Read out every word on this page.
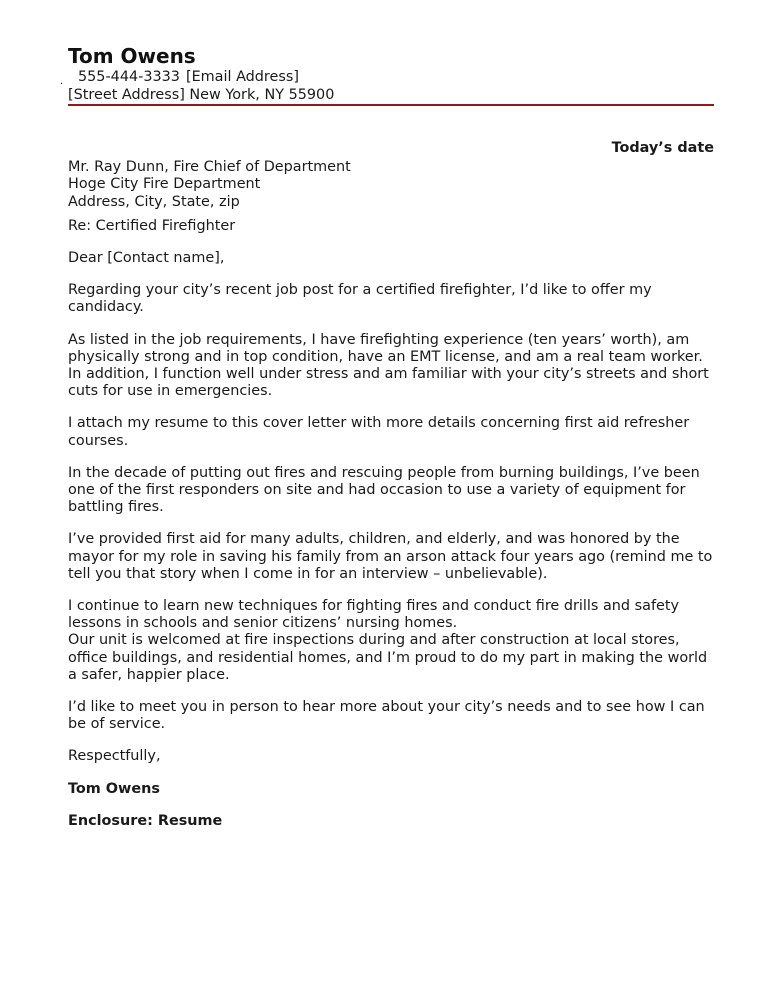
Tom Owens
.	555-444-3333 [Email Address]

[Street Address] New York, NY 55900

Today’s date

Mr. Ray Dunn, Fire Chief of Department

Hoge City Fire Department

Address, City, State, zip

Re: Certified Firefighter

Dear [Contact name],

Regarding your city’s recent job post for a certified firefighter, I’d like to offer my candidacy.

As listed in the job requirements, I have firefighting experience (ten years’ worth), am physically strong and in top condition, have an EMT license, and am a real team worker. In addition, I function well under stress and am familiar with your city’s streets and short cuts for use in emergencies.

I attach my resume to this cover letter with more details concerning first aid refresher courses.

In the decade of putting out fires and rescuing people from burning buildings, I’ve been one of the first responders on site and had occasion to use a variety of equipment for battling fires.

I’ve provided first aid for many adults, children, and elderly, and was honored by the mayor for my role in saving his family from an arson attack four years ago (remind me to tell you that story when I come in for an interview – unbelievable).

I continue to learn new techniques for fighting fires and conduct fire drills and safety lessons in schools and senior citizens’ nursing homes.

Our unit is welcomed at fire inspections during and after construction at local stores, office buildings, and residential homes, and I’m proud to do my part in making the world a safer, happier place.

I’d like to meet you in person to hear more about your city’s needs and to see how I can be of service.

Respectfully,

Tom Owens

Enclosure: Resume
